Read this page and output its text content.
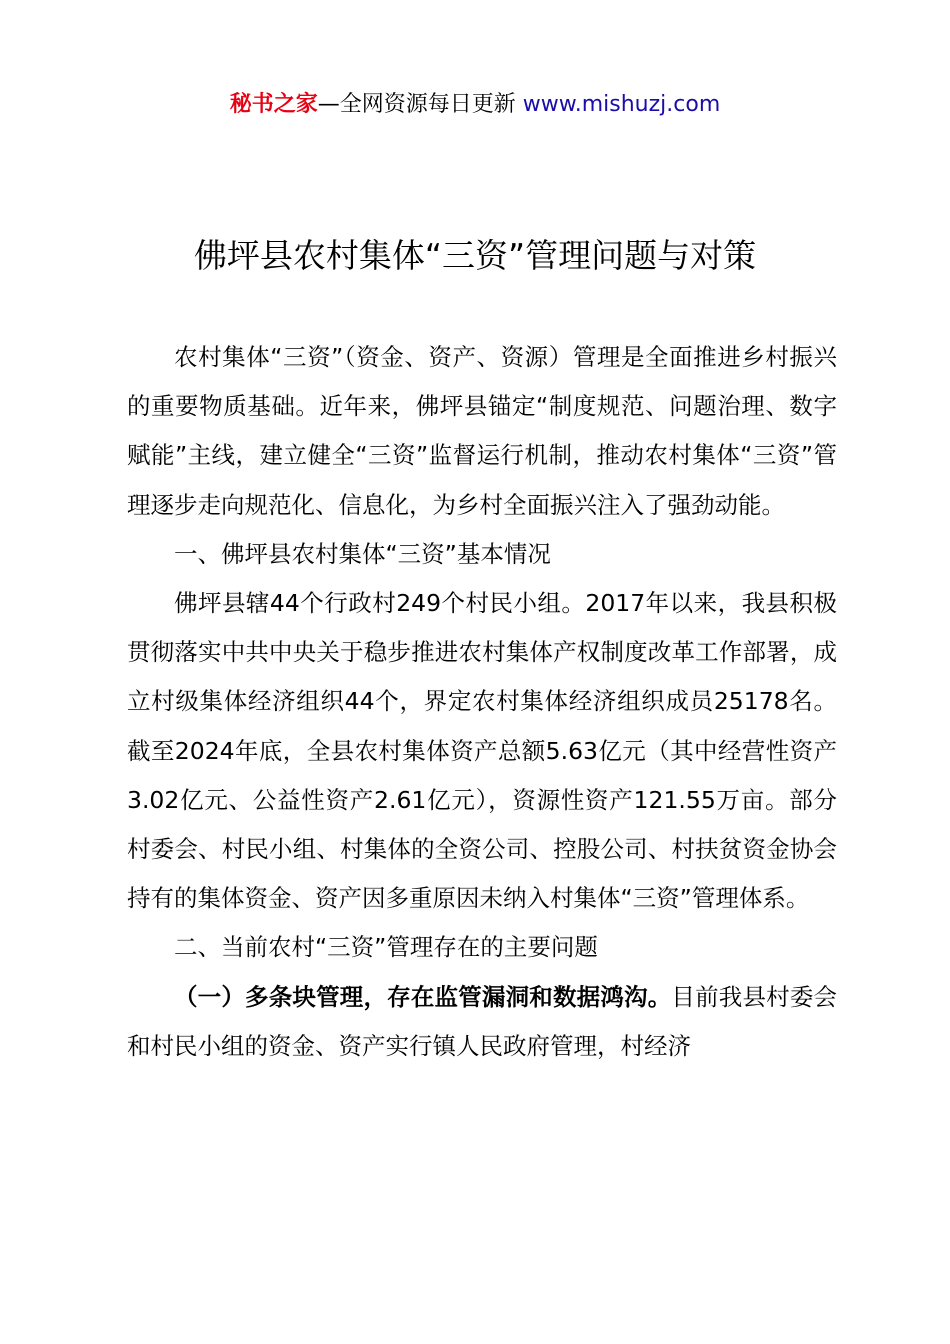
秘书之家—全网资源每日更新 www.mishuzj.com
佛坪县农村集体“三资”管理问题与对策

农村集体“三资”（资金、资产、资源）管理是全面推进乡村振兴的重要物质基础。近年来，佛坪县锚定“制度规范、问题治理、数字赋能”主线，建立健全“三资”监督运行机制，推动农村集体“三资”管理逐步走向规范化、信息化，为乡村全面振兴注入了强劲动能。

一、佛坪县农村集体“三资”基本情况

佛坪县辖44个行政村249个村民小组。2017年以来，我县积极贯彻落实中共中央关于稳步推进农村集体产权制度改革工作部署，成立村级集体经济组织44个，界定农村集体经济组织成员25178名。截至2024年底，全县农村集体资产总额5.63亿元（其中经营性资产3.02亿元、公益性资产2.61亿元），资源性资产121.55万亩。部分村委会、村民小组、村集体的全资公司、控股公司、村扶贫资金协会持有的集体资金、资产因多重原因未纳入村集体“三资”管理体系。

二、当前农村“三资”管理存在的主要问题

（一）多条块管理，存在监管漏洞和数据鸿沟。目前我县村委会和村民小组的资金、资产实行镇人民政府管理，村经济
